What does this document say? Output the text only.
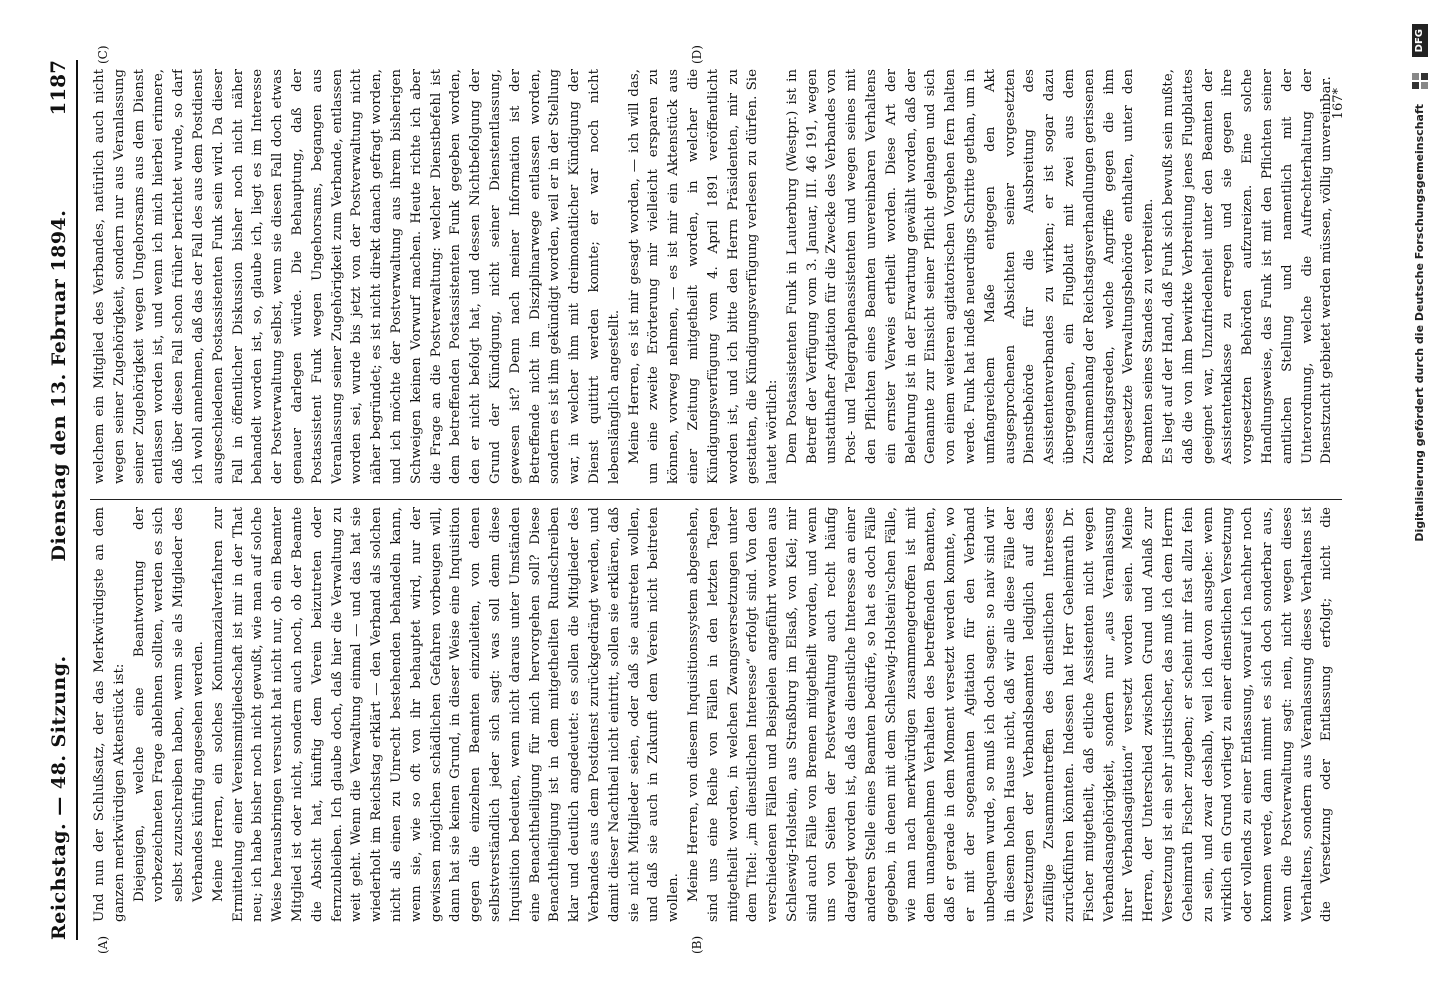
Reichstag. — 48. Sitzung.
Dienstag den 13. Februar 1894.
1187
(A)	(B)
(C)	(D)

Und nun der Schlußsatz, der das Merkwürdigste an dem ganzen merkwürdigen Aktenstück ist: Diejenigen, welche eine Beantwortung der vorbezeichneten Frage ablehnen sollten, werden es sich selbst zuzuschreiben haben, wenn sie als Mitglieder des Verbandes künftig angesehen werden. Meine Herren, ein solches Kontumazialverfahren zur Ermittelung einer Vereinsmitgliedschaft ist mir in der That neu; ich habe bisher noch nicht gewußt, wie man auf solche Weise herausbringen versucht hat nicht nur, ob ein Beamter Mitglied ist oder nicht, sondern auch noch, ob der Beamte die Absicht hat, künftig dem Verein beizutreten oder fernzubleiben. Ich glaube doch, daß hier die Verwaltung zu weit geht. Wenn die Verwaltung einmal — und das hat sie wiederholt im Reichstag erklärt — den Verband als solchen nicht als einen zu Unrecht bestehenden behandeln kann, wenn sie, wie so oft von ihr behauptet wird, nur der gewissen möglichen schädlichen Gefahren vorbeugen will, dann hat sie keinen Grund, in dieser Weise eine Inquisition gegen die einzelnen Beamten einzuleiten, von denen selbstverständlich jeder sich sagt: was soll denn diese Inquisition bedeuten, wenn nicht daraus unter Umständen eine Benachtheiligung für mich hervorgehen soll? Diese Benachtheiligung ist in dem mitgetheilten Rundschreiben klar und deutlich angedeutet: es sollen die Mitglieder des Verbandes aus dem Postdienst zurückgedrängt werden, und damit dieser Nachtheil nicht eintritt, sollen sie erklären, daß sie nicht Mitglieder seien, oder daß sie austreten wollen, und daß sie auch in Zukunft dem Verein nicht beitreten wollen. Meine Herren, von diesem Inquisitionssystem abgesehen, sind uns eine Reihe von Fällen in den letzten Tagen mitgetheilt worden, in welchen Zwangsversetzungen unter dem Titel: „im dienstlichen Interesse“ erfolgt sind. Von den verschiedenen Fällen und Beispielen angeführt worden aus Schleswig-Holstein, aus Straßburg im Elsaß, von Kiel; mir sind auch Fälle von Bremen mitgetheilt worden, und wenn uns von Seiten der Postverwaltung auch recht häufig dargelegt worden ist, daß das dienstliche Interesse an einer anderen Stelle eines Beamten bedürfe, so hat es doch Fälle gegeben, in denen mit dem Schleswig-Holstein'schen Fälle, wie man nach merkwürdigen zusammengetroffen ist mit dem unangenehmen Verhalten des betreffenden Beamten, daß er gerade in dem Moment versetzt werden konnte, wo er mit der sogenannten Agitation für den Verband unbequem wurde, so muß ich doch sagen: so naiv sind wir in diesem hohen Hause nicht, daß wir alle diese Fälle der Versetzungen der Verbandsbeamten lediglich auf das zufällige Zusammentreffen des dienstlichen Interesses zurückführen könnten. Indessen hat Herr Geheimrath Dr. Fischer mitgetheilt, daß etliche Assistenten nicht wegen Verbandsangehörigkeit, sondern nur „aus Veranlassung ihrer Verbandsagitation“ versetzt worden seien. Meine Herren, der Unterschied zwischen Grund und Anlaß zur Versetzung ist ein sehr juristischer, das muß ich dem Herrn Geheimrath Fischer zugeben; er scheint mir fast allzu fein zu sein, und zwar deshalb, weil ich davon ausgehe: wenn wirklich ein Grund vorliegt zu einer dienstlichen Versetzung oder vollends zu einer Entlassung, worauf ich nachher noch kommen werde, dann nimmt es sich doch sonderbar aus, wenn die Postverwaltung sagt: nein, nicht wegen dieses Verhaltens, sondern aus Veranlassung dieses Verhaltens ist die Versetzung oder Entlassung erfolgt; nicht die

welchem ein Mitglied des Verbandes, natürlich auch nicht wegen seiner Zugehörigkeit, sondern nur aus Veranlassung seiner Zugehörigkeit wegen Ungehorsams aus dem Dienst entlassen worden ist, und wenn ich mich hierbei erinnere, daß über diesen Fall schon früher berichtet wurde, so darf ich wohl annehmen, daß das der Fall des aus dem Postdienst ausgeschiedenen Postassistenten Funk sein wird. Da dieser Fall in öffentlicher Diskussion bisher noch nicht näher behandelt worden ist, so, glaube ich, liegt es im Interesse der Postverwaltung selbst, wenn sie diesen Fall doch etwas genauer darlegen würde. Die Behauptung, daß der Postassistent Funk wegen Ungehorsams, begangen aus Veranlassung seiner Zugehörigkeit zum Verbande, entlassen worden sei, wurde bis jetzt von der Postverwaltung nicht näher begründet; es ist nicht direkt danach gefragt worden, und ich möchte der Postverwaltung aus ihrem bisherigen Schweigen keinen Vorwurf machen. Heute richte ich aber die Frage an die Postverwaltung: welcher Dienstbefehl ist dem betreffenden Postassistenten Funk gegeben worden, den er nicht befolgt hat, und dessen Nichtbefolgung der Grund der Kündigung, nicht seiner Dienstentlassung, gewesen ist? Denn nach meiner Information ist der Betreffende nicht im Disziplinarwege entlassen worden, sondern es ist ihm gekündigt worden, weil er in der Stellung war, in welcher ihm mit dreimonatlicher Kündigung der Dienst quittirt werden konnte; er war noch nicht lebenslänglich angestellt. Meine Herren, es ist mir gesagt worden, — ich will das, um eine zweite Erörterung mir vielleicht ersparen zu können, vorweg nehmen, — es ist mir ein Aktenstück aus einer Zeitung mitgetheilt worden, in welcher die Kündigungsverfügung vom 4. April 1891 veröffentlicht worden ist, und ich bitte den Herrn Präsidenten, mir zu gestatten, die Kündigungsverfügung verlesen zu dürfen. Sie lautet wörtlich: Dem Postassistenten Funk in Lauterburg (Westpr.) ist in Betreff der Verfügung vom 3. Januar, III. 46 191, wegen unstatthafter Agitation für die Zwecke des Verbandes von Post- und Telegraphenassistenten und wegen seines mit den Pflichten eines Beamten unvereinbaren Verhaltens ein ernster Verweis ertheilt worden. Diese Art der Belehrung ist in der Erwartung gewählt worden, daß der Genannte zur Einsicht seiner Pflicht gelangen und sich von einem weiteren agitatorischen Vorgehen fern halten werde. Funk hat indeß neuerdings Schritte gethan, um in umfangreichem Maße entgegen den Akt ausgesprochenen Absichten seiner vorgesetzten Dienstbehörde für die Ausbreitung des Assistentenverbandes zu wirken; er ist sogar dazu übergegangen, ein Flugblatt mit zwei aus dem Zusammenhang der Reichstagsverhandlungen gerissenen Reichstagsreden, welche Angriffe gegen die ihm vorgesetzte Verwaltungsbehörde enthalten, unter den Beamten seines Standes zu verbreiten. Es liegt auf der Hand, daß Funk sich bewußt sein mußte, daß die von ihm bewirkte Verbreitung jenes Flugblattes geeignet war, Unzufriedenheit unter den Beamten der Assistentenklasse zu erregen und sie gegen ihre vorgesetzten Behörden aufzureizen. Eine solche Handlungsweise, das Funk ist mit den Pflichten seiner amtlichen Stellung und namentlich mit der Unterordnung, welche die Aufrechterhaltung der Dienstzucht gebietet werden müssen, völlig unvereinbar.

167*
Digitalisierung gefördert durch die Deutsche Forschungsgemeinschaft
DFG
